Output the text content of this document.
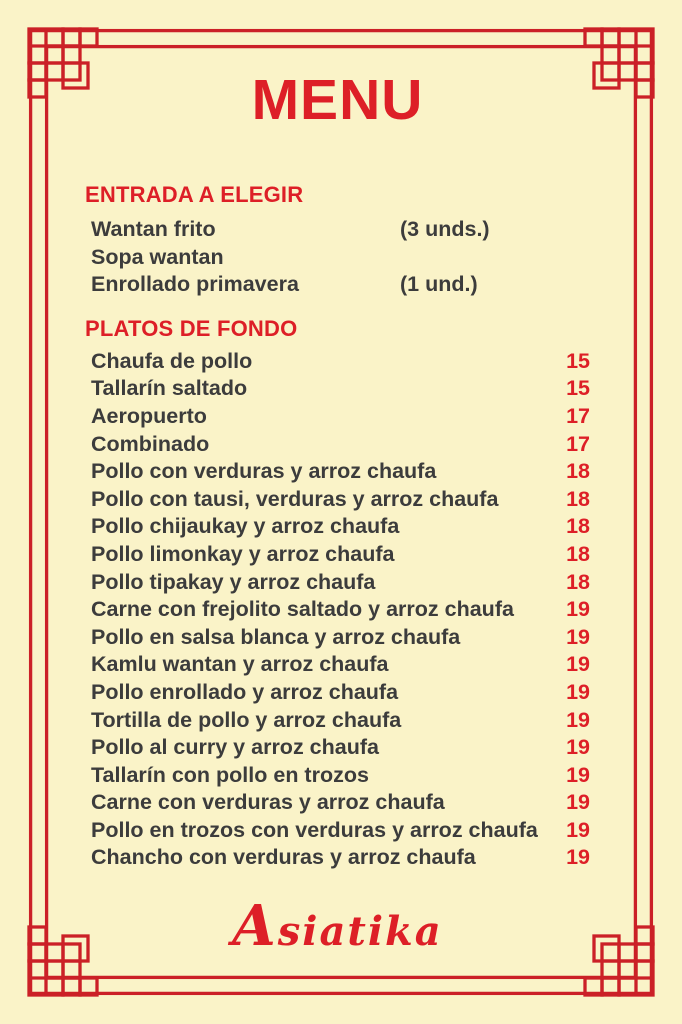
MENU
ENTRADA A ELEGIR
Wantan frito	(3 unds.)
Sopa wantan
Enrollado primavera	(1 und.)
PLATOS DE FONDO
Chaufa de pollo	15
Tallarín saltado	15
Aeropuerto	17
Combinado	17
Pollo con verduras y arroz chaufa	18
Pollo con tausi, verduras y arroz chaufa	18
Pollo chijaukay y arroz chaufa	18
Pollo limonkay y arroz chaufa	18
Pollo tipakay y arroz chaufa	18
Carne con frejolito saltado y arroz chaufa	19
Pollo en salsa blanca y arroz chaufa	19
Kamlu wantan y arroz chaufa	19
Pollo enrollado y arroz chaufa	19
Tortilla de pollo y arroz chaufa	19
Pollo al curry y arroz chaufa	19
Tallarín con pollo en trozos	19
Carne con verduras y arroz chaufa	19
Pollo en trozos con verduras y arroz chaufa	19
Chancho con verduras y arroz chaufa	19
Asiatika
